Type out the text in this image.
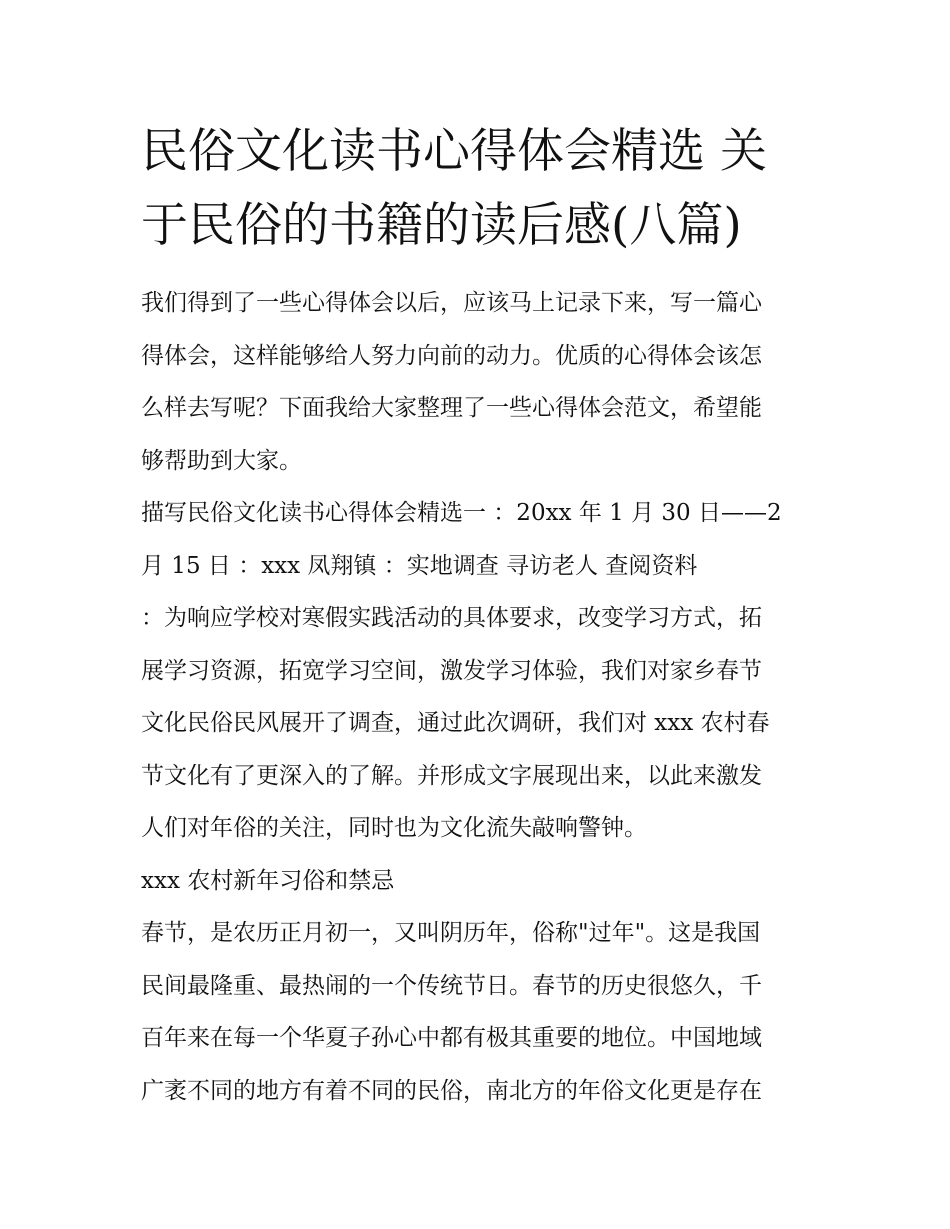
民俗文化读书心得体会精选 关
于民俗的书籍的读后感(八篇)

我们得到了一些心得体会以后，应该马上记录下来，写一篇心
得体会，这样能够给人努力向前的动力。优质的心得体会该怎
么样去写呢？下面我给大家整理了一些心得体会范文，希望能
够帮助到大家。

描写民俗文化读书心得体会精选一 ：20xx 年 1 月 30 日——2
月 15 日 ：xxx 凤翔镇 ：实地调查 寻访老人 查阅资料
：为响应学校对寒假实践活动的具体要求，改变学习方式，拓
展学习资源，拓宽学习空间，激发学习体验，我们对家乡春节
文化民俗民风展开了调查，通过此次调研，我们对 xxx 农村春
节文化有了更深入的了解。并形成文字展现出来，以此来激发
人们对年俗的关注，同时也为文化流失敲响警钟。

xxx 农村新年习俗和禁忌

春节，是农历正月初一，又叫阴历年，俗称"过年"。这是我国
民间最隆重、最热闹的一个传统节日。春节的历史很悠久，千
百年来在每一个华夏子孙心中都有极其重要的地位。中国地域
广袤不同的地方有着不同的民俗，南北方的年俗文化更是存在
